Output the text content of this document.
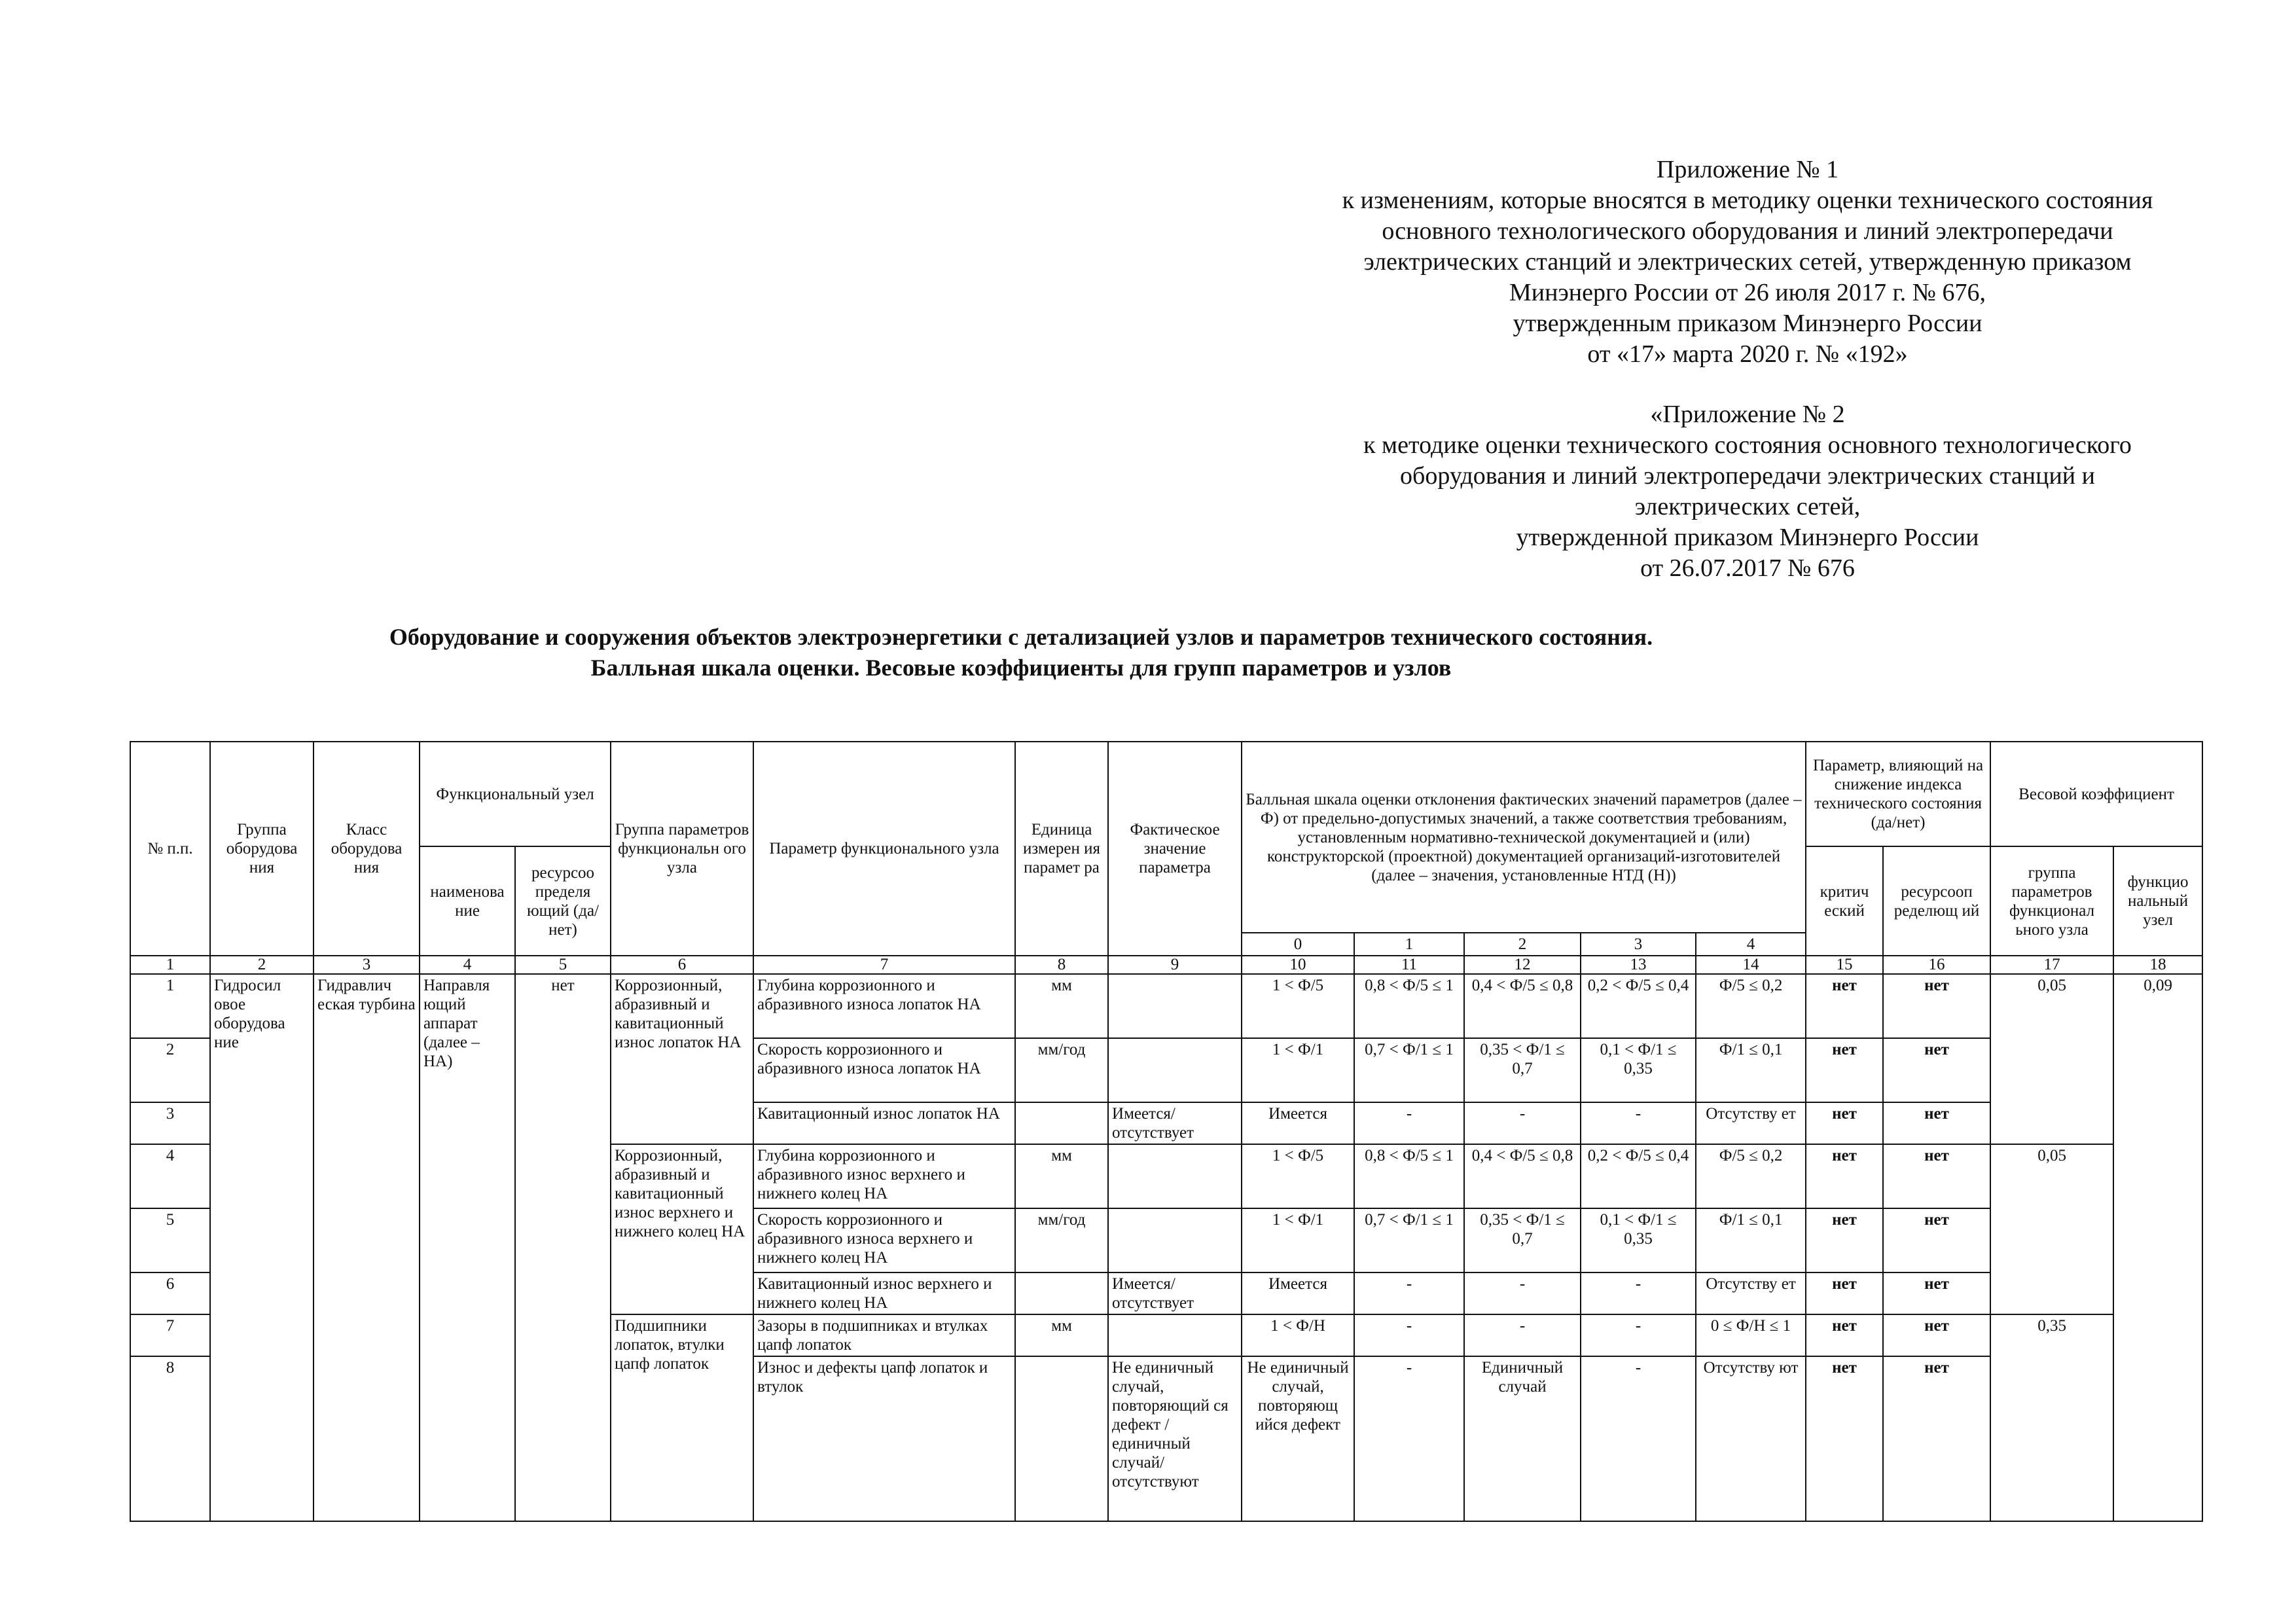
Приложение № 1
к изменениям, которые вносятся в методику оценки технического состояния
основного технологического оборудования и линий электропередачи
электрических станций и электрических сетей, утвержденную приказом
Минэнерго России от 26 июля 2017 г. № 676,
утвержденным приказом Минэнерго России
от «17» марта 2020 г. № «192»
«Приложение № 2
к методике оценки технического состояния основного технологического
оборудования и линий электропередачи электрических станций и
электрических сетей,
утвержденной приказом Минэнерго России
от 26.07.2017 № 676
Оборудование и сооружения объектов электроэнергетики с детализацией узлов и параметров технического состояния.
Балльная шкала оценки. Весовые коэффициенты для групп параметров и узлов
№ п.п.	Группа оборудова ния	Класс оборудова ния	Функциональный узел		Группа параметров функциональн ого узла	Параметр функционального узла	Единица измерен ия парамет ра	Фактическое значение параметра	Балльная шкала оценки отклонения фактических значений параметров (далее – Ф) от предельно-допустимых значений, а также соответствия требованиям, установленным нормативно-технической документацией и (или) конструкторской (проектной) документацией организаций-изготовителей (далее – значения, установленные НТД (Н))					Параметр, влияющий на снижение индекса технического состояния (да/нет)		Весовой коэффициент	
			наименова ние	ресурсоо пределя ющий (да/нет)										критич еский	ресурсооп ределющ ий	группа параметров функционал ьного узла	функцио нальный узел
									0	1	2	3	4				
1	2	3	4	5	6	7	8	9	10	11	12	13	14	15	16	17	18
1	Гидросил овое оборудова ние	Гидравлич еская турбина	Направля ющий аппарат (далее – НА)	нет	Коррозионный, абразивный и кавитационный износ лопаток НА	Глубина коррозионного и абразивного износа лопаток НА	мм		1 < Ф/5	0,8 < Ф/5 ≤ 1	0,4 < Ф/5 ≤ 0,8	0,2 < Ф/5 ≤ 0,4	Ф/5 ≤ 0,2	нет	нет	0,05	0,09
2						Скорость коррозионного и абразивного износа лопаток НА	мм/год		1 < Ф/1	0,7 < Ф/1 ≤ 1	0,35 < Ф/1 ≤ 0,7	0,1 < Ф/1 ≤ 0,35	Ф/1 ≤ 0,1	нет	нет		
3						Кавитационный износ лопаток НА		Имеется/ отсутствует	Имеется	-	-	-	Отсутству ет	нет	нет		
4					Коррозионный, абразивный и кавитационный износ верхнего и нижнего колец НА	Глубина коррозионного и абразивного износ верхнего и нижнего колец НА	мм		1 < Ф/5	0,8 < Ф/5 ≤ 1	0,4 < Ф/5 ≤ 0,8	0,2 < Ф/5 ≤ 0,4	Ф/5 ≤ 0,2	нет	нет	0,05	
5						Скорость коррозионного и абразивного износа верхнего и нижнего колец НА	мм/год		1 < Ф/1	0,7 < Ф/1 ≤ 1	0,35 < Ф/1 ≤ 0,7	0,1 < Ф/1 ≤ 0,35	Ф/1 ≤ 0,1	нет	нет		
6						Кавитационный износ верхнего и нижнего колец НА		Имеется/ отсутствует	Имеется	-	-	-	Отсутству ет	нет	нет		
7					Подшипники лопаток, втулки цапф лопаток	Зазоры в подшипниках и втулках цапф лопаток	мм		1 < Ф/Н	-	-	-	0 ≤ Ф/Н ≤ 1	нет	нет	0,35	
8						Износ и дефекты цапф лопаток и втулок		Не единичный случай, повторяющий ся дефект / единичный случай/ отсутствуют	Не единичный случай, повторяющ ийся дефект	-	Единичный случай	-	Отсутству ют	нет	нет		
